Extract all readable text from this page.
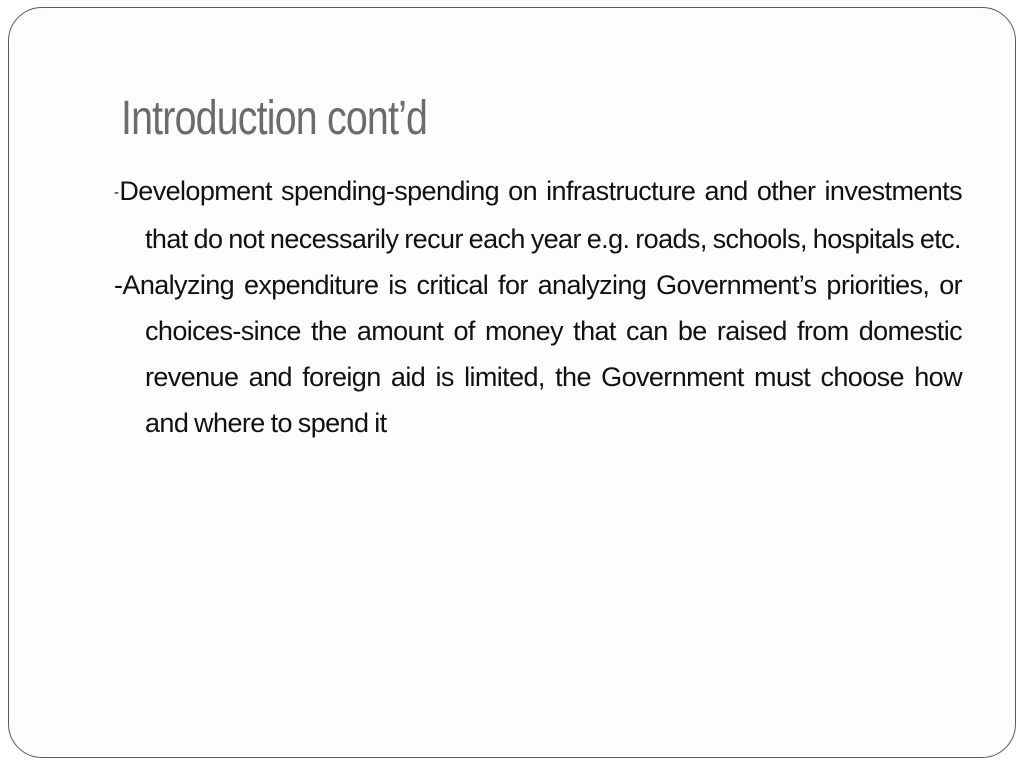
Introduction cont’d

-Development spending-spending on infrastructure and other investments that do not necessarily recur each year e.g. roads, schools, hospitals etc.

-Analyzing expenditure is critical for analyzing Government’s priorities, or choices-since the amount of money that can be raised from domestic revenue and foreign aid is limited, the Government must choose how and where to spend it
